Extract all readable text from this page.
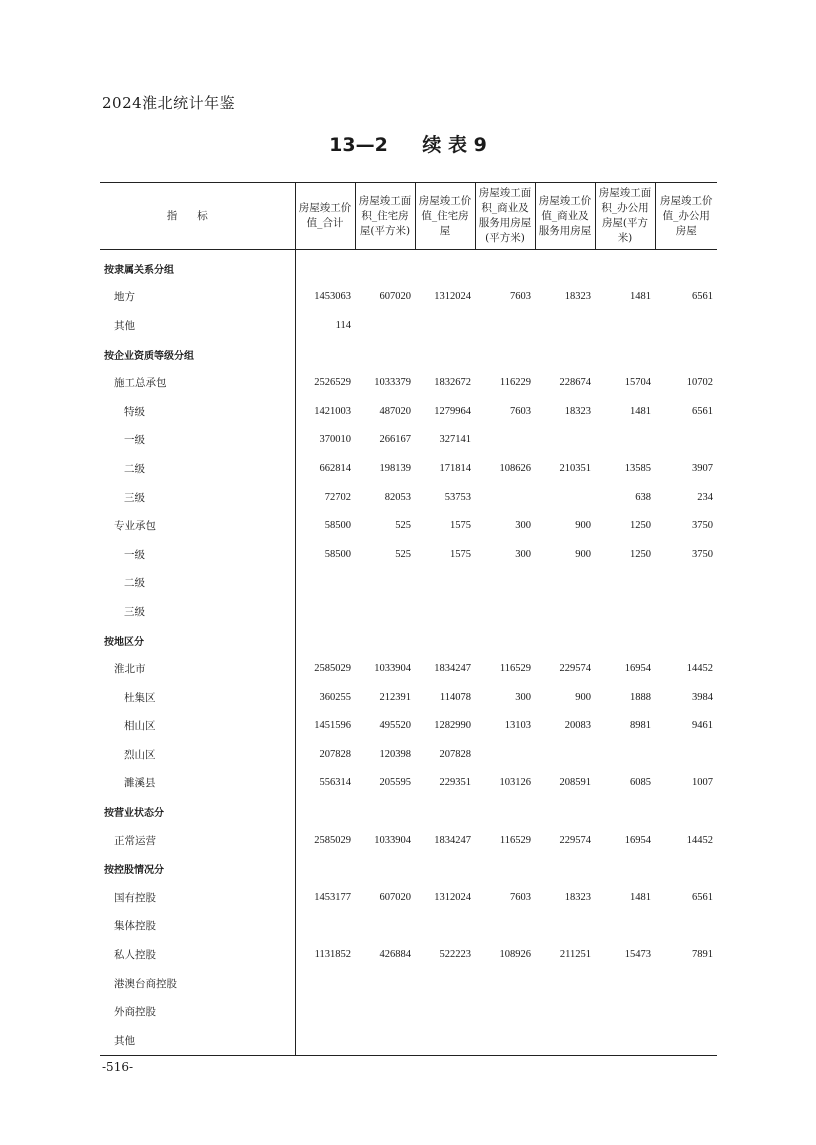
2024淮北统计年鉴
13—2 续 表 9
指标	房屋竣工价值_合计	房屋竣工面积_住宅房屋(平方米)	房屋竣工价值_住宅房屋	房屋竣工面积_商业及服务用房屋(平方米)	房屋竣工价值_商业及服务用房屋	房屋竣工面积_办公用房屋(平方米)	房屋竣工价值_办公用房屋
按隶属关系分组							
地方	1453063	607020	1312024	7603	18323	1481	6561
其他	114						
按企业资质等级分组							
施工总承包	2526529	1033379	1832672	116229	228674	15704	10702
特级	1421003	487020	1279964	7603	18323	1481	6561
一级	370010	266167	327141				
二级	662814	198139	171814	108626	210351	13585	3907
三级	72702	82053	53753			638	234
专业承包	58500	525	1575	300	900	1250	3750
一级	58500	525	1575	300	900	1250	3750
二级							
三级							
按地区分							
淮北市	2585029	1033904	1834247	116529	229574	16954	14452
杜集区	360255	212391	114078	300	900	1888	3984
相山区	1451596	495520	1282990	13103	20083	8981	9461
烈山区	207828	120398	207828				
濉溪县	556314	205595	229351	103126	208591	6085	1007
按营业状态分							
正常运营	2585029	1033904	1834247	116529	229574	16954	14452
按控股情况分							
国有控股	1453177	607020	1312024	7603	18323	1481	6561
集体控股							
私人控股	1131852	426884	522223	108926	211251	15473	7891
港澳台商控股							
外商控股							
其他							
-516-
